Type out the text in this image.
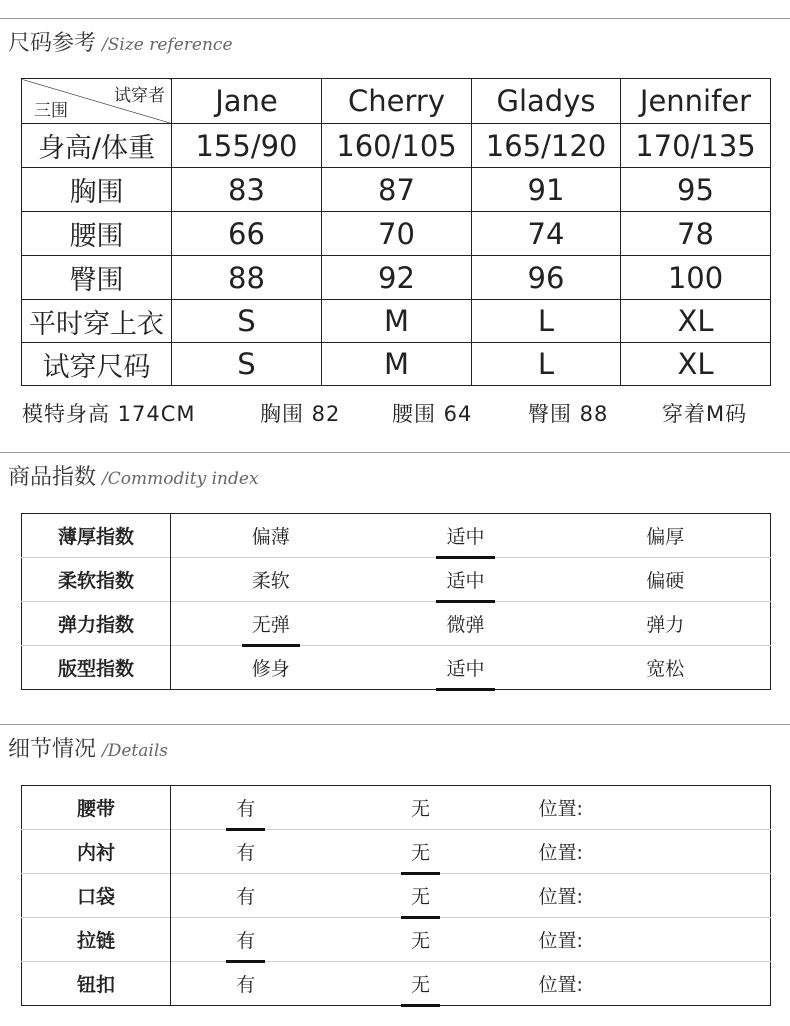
尺码参考 /Size reference
试穿者
三围	Jane	Cherry	Gladys	Jennifer
身高/体重	155/90	160/105	165/120	170/135
胸围	83	87	91	95
腰围	66	70	74	78
臀围	88	92	96	100
平时穿上衣	S	M	L	XL
试穿尺码	S	M	L	XL
模特身高 174CM	胸围 82 腰围 64	臀围 88	穿着M码
商品指数 /Commodity index
薄厚指数	偏薄	适中	偏厚
柔软指数	柔软	适中	偏硬
弹力指数	无弹	微弹	弹力
版型指数	修身	适中	宽松
细节情况 /Details
腰带	有	无	位置:
内衬	有	无	位置:
口袋	有	无	位置:
拉链	有	无	位置:
钮扣	有	无	位置:
